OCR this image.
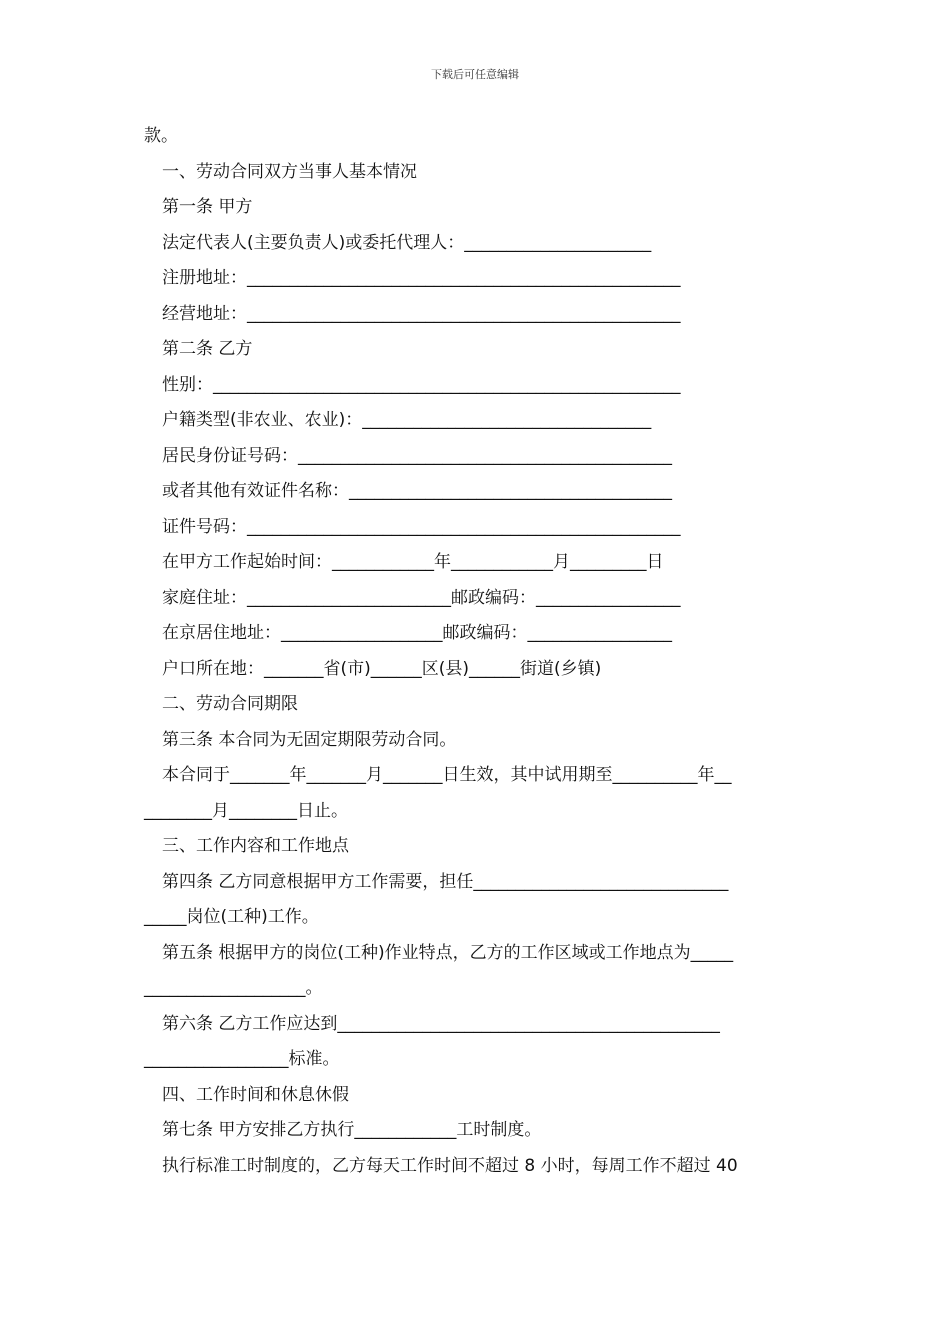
下载后可任意编辑
款。
一、劳动合同双方当事人基本情况
第一条 甲方
法定代表人(主要负责人)或委托代理人：______________________
注册地址：___________________________________________________
经营地址：___________________________________________________
第二条 乙方
性别：_______________________________________________________
户籍类型(非农业、农业)：__________________________________
居民身份证号码：____________________________________________
或者其他有效证件名称：______________________________________
证件号码：___________________________________________________
在甲方工作起始时间：____________年____________月_________日
家庭住址：________________________邮政编码：_________________
在京居住地址：___________________邮政编码：_________________
户口所在地：_______省(市)______区(县)______街道(乡镇)
二、劳动合同期限
第三条 本合同为无固定期限劳动合同。
本合同于_______年_______月_______日生效，其中试用期至__________年__
________月________日止。
三、工作内容和工作地点
第四条 乙方同意根据甲方工作需要，担任______________________________
_____岗位(工种)工作。
第五条 根据甲方的岗位(工种)作业特点，乙方的工作区域或工作地点为_____
___________________。
第六条 乙方工作应达到_____________________________________________
_________________标准。
四、工作时间和休息休假
第七条 甲方安排乙方执行____________工时制度。
执行标准工时制度的，乙方每天工作时间不超过 8 小时，每周工作不超过 40
